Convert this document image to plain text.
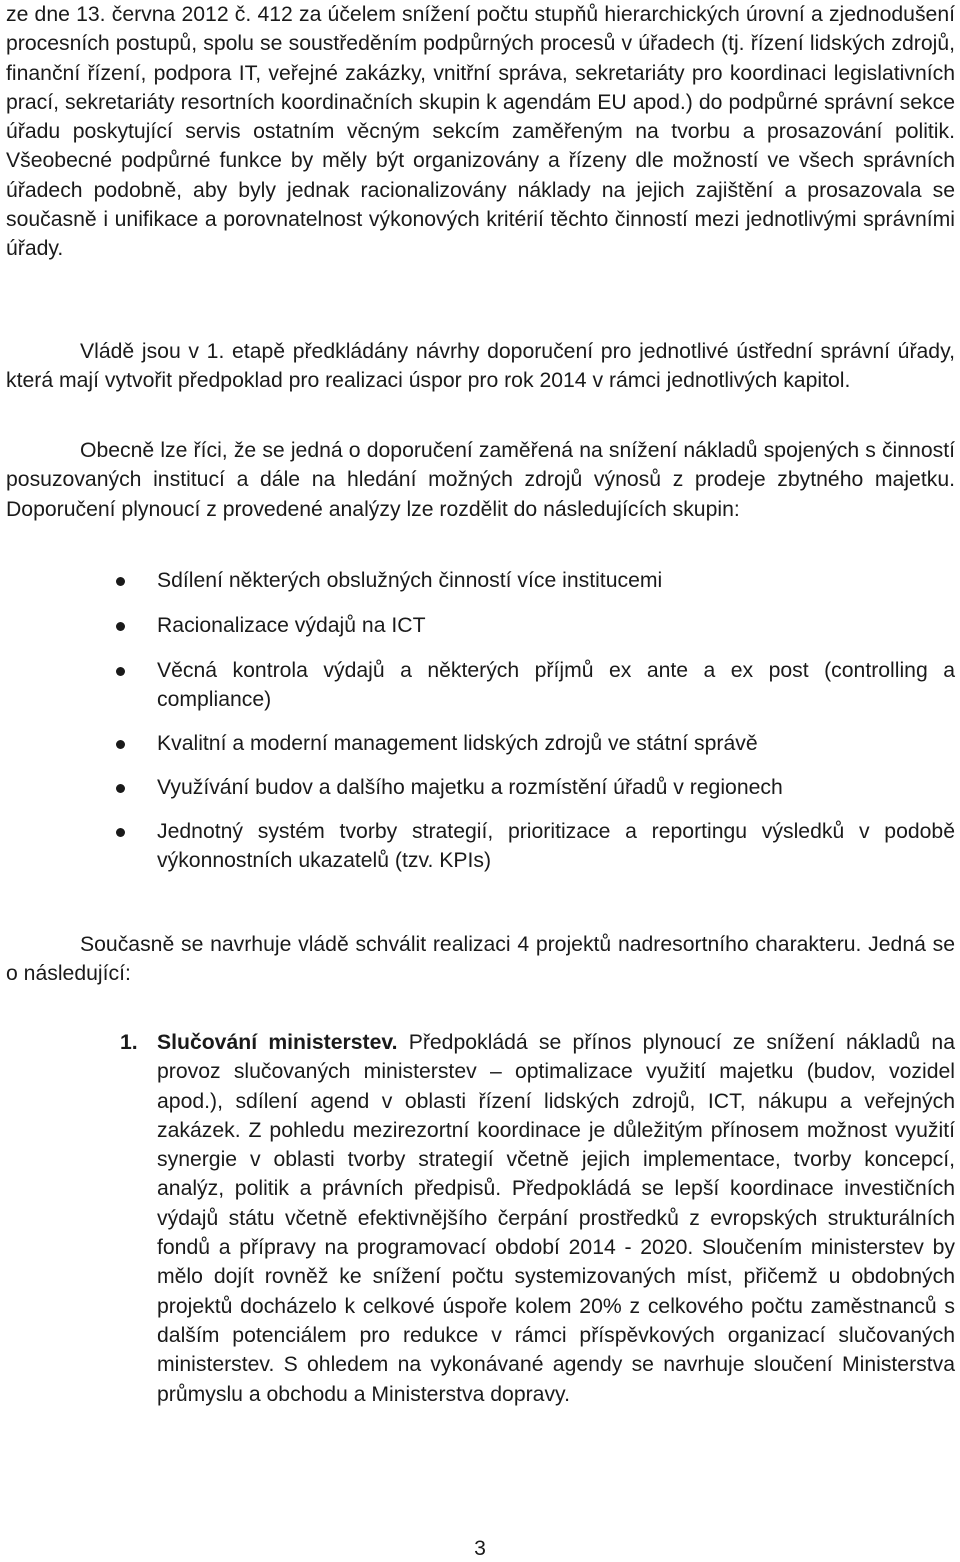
ze dne 13. června 2012 č. 412 za účelem snížení počtu stupňů hierarchických úrovní a zjednodušení procesních postupů, spolu se soustředěním podpůrných procesů v úřadech (tj. řízení lidských zdrojů, finanční řízení, podpora IT, veřejné zakázky, vnitřní správa, sekretariáty pro koordinaci legislativních prací, sekretariáty resortních koordinačních skupin k agendám EU apod.) do podpůrné správní sekce úřadu poskytující servis ostatním věcným sekcím zaměřeným na tvorbu a prosazování politik. Všeobecné podpůrné funkce by měly být organizovány a řízeny dle možností ve všech správních úřadech podobně, aby byly jednak racionalizovány náklady na jejich zajištění a prosazovala se současně i unifikace a porovnatelnost výkonových kritérií těchto činností mezi jednotlivými správními úřady.

Vládě jsou v 1. etapě předkládány návrhy doporučení pro jednotlivé ústřední správní úřady, která mají vytvořit předpoklad pro realizaci úspor pro rok 2014 v rámci jednotlivých kapitol.

Obecně lze říci, že se jedná o doporučení zaměřená na snížení nákladů spojených s činností posuzovaných institucí a dále na hledání možných zdrojů výnosů z prodeje zbytného majetku. Doporučení plynoucí z provedené analýzy lze rozdělit do následujících skupin:

Sdílení některých obslužných činností více institucemi
Racionalizace výdajů na ICT
Věcná kontrola výdajů a některých příjmů ex ante a ex post (controlling a compliance)
Kvalitní a moderní management lidských zdrojů ve státní správě
Využívání budov a dalšího majetku a rozmístění úřadů v regionech
Jednotný systém tvorby strategií, prioritizace a reportingu výsledků v podobě výkonnostních ukazatelů (tzv. KPIs)

Současně se navrhuje vládě schválit realizaci 4 projektů nadresortního charakteru. Jedná se o následující:

1. Slučování ministerstev. Předpokládá se přínos plynoucí ze snížení nákladů na provoz slučovaných ministerstev – optimalizace využití majetku (budov, vozidel apod.), sdílení agend v oblasti řízení lidských zdrojů, ICT, nákupu a veřejných zakázek. Z pohledu mezirezortní koordinace je důležitým přínosem možnost využití synergie v oblasti tvorby strategií včetně jejich implementace, tvorby koncepcí, analýz, politik a právních předpisů. Předpokládá se lepší koordinace investičních výdajů státu včetně efektivnějšího čerpání prostředků z evropských strukturálních fondů a přípravy na programovací období 2014 - 2020. Sloučením ministerstev by mělo dojít rovněž ke snížení počtu systemizovaných míst, přičemž u obdobných projektů docházelo k celkové úspoře kolem 20% z celkového počtu zaměstnanců s dalším potenciálem pro redukce v rámci příspěvkových organizací slučovaných ministerstev. S ohledem na vykonávané agendy se navrhuje sloučení Ministerstva průmyslu a obchodu a Ministerstva dopravy.

3
